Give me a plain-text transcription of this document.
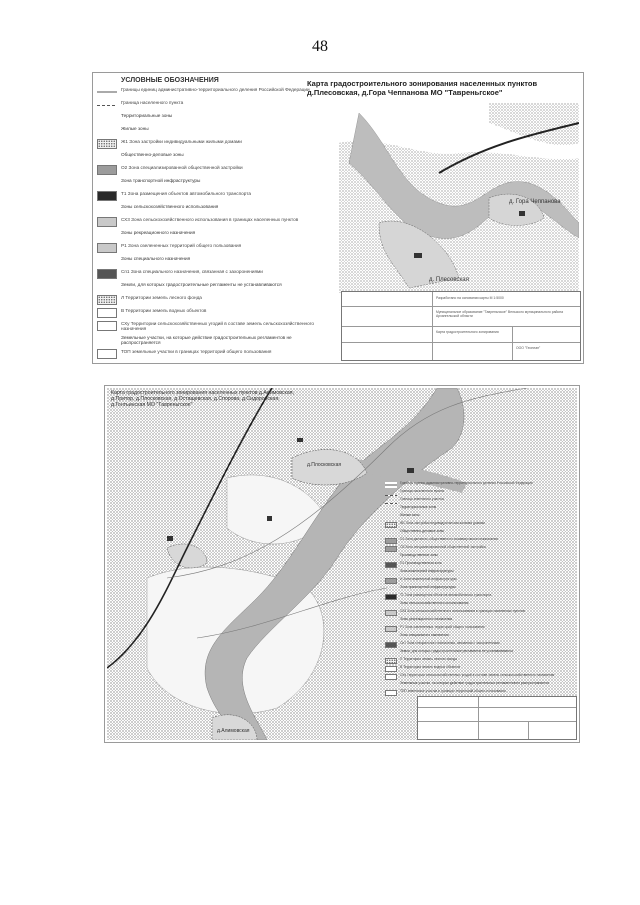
48
УСЛОВНЫЕ ОБОЗНАЧЕНИЯ
Границы единиц административно-территориального деления Российской Федерации
Граница населенного пункта
Территориальные зоны
Жилые зоны
Ж1 Зона застройки индивидуальными жилыми домами
Общественно-деловые зоны
О2 Зона специализированной общественной застройки
Зона транспортной инфраструктуры
Т1 Зона размещения объектов автомобильного транспорта
Зоны сельскохозяйственного использования
СХ3 Зона сельскохозяйственного использования в границах населенных пунктов
Зоны рекреационного назначения
Р1 Зона озелененных территорий общего пользования
Зоны специального назначения
Сп1 Зона специального назначения, связанная с захоронениями
Земли, для которых градостроительные регламенты не устанавливаются
Л Территории земель лесного фонда
В Территории земель водных объектов
СХу Территории сельскохозяйственных угодий в составе земель сельскохозяйственного назначения
Земельные участки, на которые действие градостроительных регламентов не распространяется
ТОП земельные участки в границах территорий общего пользования
Карта градостроительного зонирования населенных пунктов д.Плесовская, д.Гора Чеппанова МО "Тавреньгское"
д. Гора Чеппанова
д. Плесовская
Разработано на основании карты М 1:5000
Муниципальное образование "Тавреньгское" Вельского муниципального района Архангельской области
Карта градостроительного зонирования
ООО "Геоплан"
д.Плосковская
д.Алимовская
Карта градостроительного зонирования населенных пунктов д.Алимовская, д.Притор, д.Плосковская, д.Остащевская, д.Спорова, д.Сидоровская, д.Гонтьинская МО "Тавреньгское"
Границы единиц административно-территориального деления Российской Федерации
Граница населенного пункта
Граница земельного участка
Территориальные зоны
Жилые зоны
Ж1 Зона застройки индивидуальными жилыми домами
Общественно-деловые зоны
О1 Зона делового, общественного и коммерческого назначения
О2 Зона специализированной общественной застройки
Производственные зоны
П1 Производственная зона
Зона инженерной инфраструктуры
И Зона инженерной инфраструктуры
Зона транспортной инфраструктуры
Т1 Зона размещения объектов автомобильного транспорта
Зоны сельскохозяйственного использования
СХ3 Зона сельскохозяйственного использования в границах населенных пунктов
Зоны рекреационного назначения
Р1 Зона озелененных территорий общего пользования
Зоны специального назначения
Сп1 Зона специального назначения, связанная с захоронениями
Земли, для которых градостроительные регламенты не устанавливаются
Л Территории земель лесного фонда
В Территории земель водных объектов
СХу Территории сельскохозяйственных угодий в составе земель сельскохозяйственного назначения
Земельные участки, на которые действие градостроительных регламентов не распространяется
ТОП земельные участки в границах территорий общего пользования
